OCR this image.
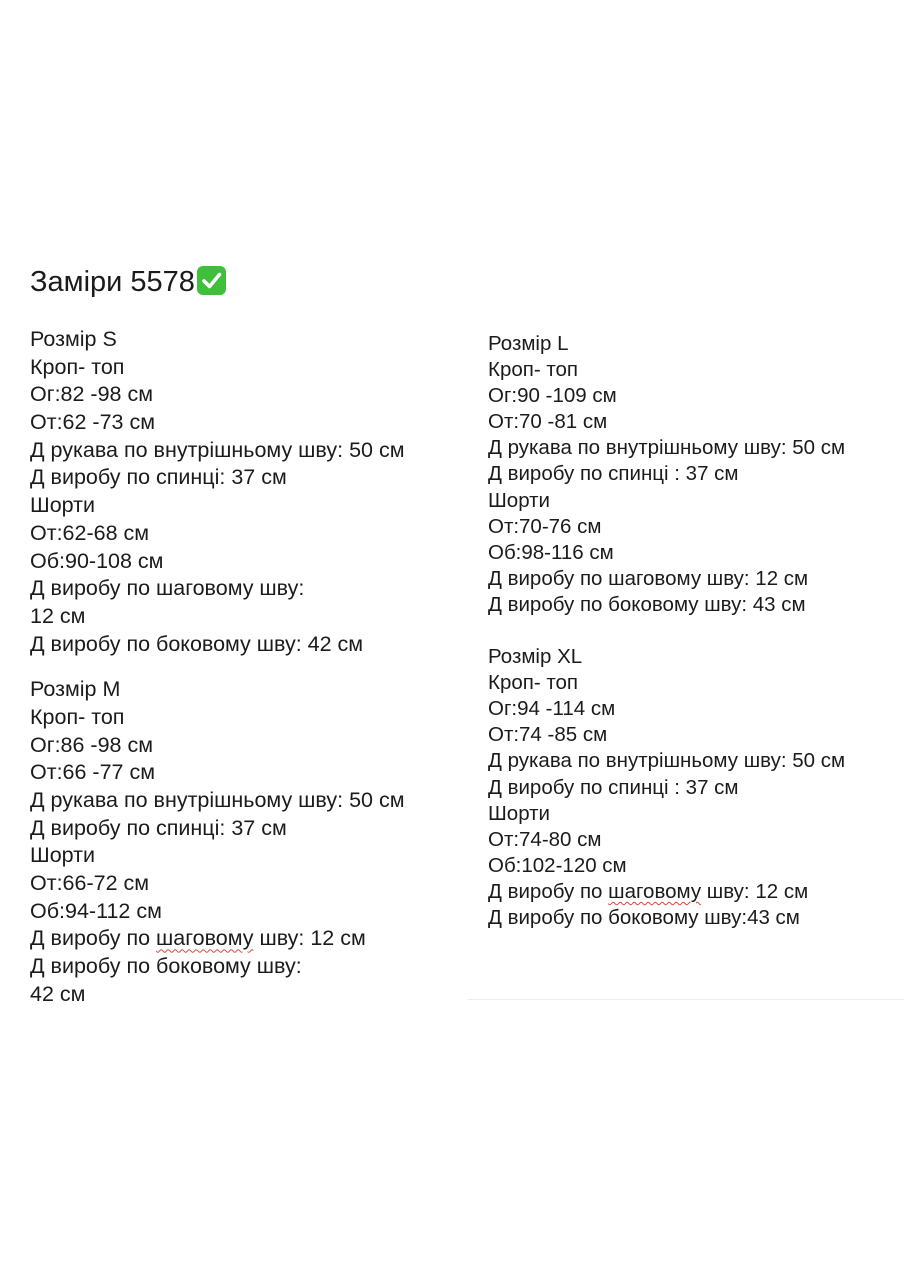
Заміри 5578
Розмір S
Кроп- топ
Ог:82 -98 см
От:62 -73 см
Д рукава по внутрішньому шву: 50 см
Д виробу по спинці: 37 см
Шорти
От:62-68 см
Об:90-108 см
Д виробу по шаговому шву:
12 см
Д виробу по боковому шву: 42 см
Розмір M
Кроп- топ
Ог:86 -98 см
От:66 -77 см
Д рукава по внутрішньому шву: 50 см
Д виробу по спинці: 37 см
Шорти
От:66-72 см
Об:94-112 см
Д виробу по шаговому шву: 12 см
Д виробу по боковому шву:
42 см
Розмір L
Кроп- топ
Ог:90 -109 см
От:70 -81 см
Д рукава по внутрішньому шву: 50 см
Д виробу по спинці : 37 см
Шорти
От:70-76 см
Об:98-116 см
Д виробу по шаговому шву: 12 см
Д виробу по боковому шву: 43 см
Розмір XL
Кроп- топ
Ог:94 -114 см
От:74 -85 см
Д рукава по внутрішньому шву: 50 см
Д виробу по спинці : 37 см
Шорти
От:74-80 см
Об:102-120 см
Д виробу по шаговому шву: 12 см
Д виробу по боковому шву:43 см
